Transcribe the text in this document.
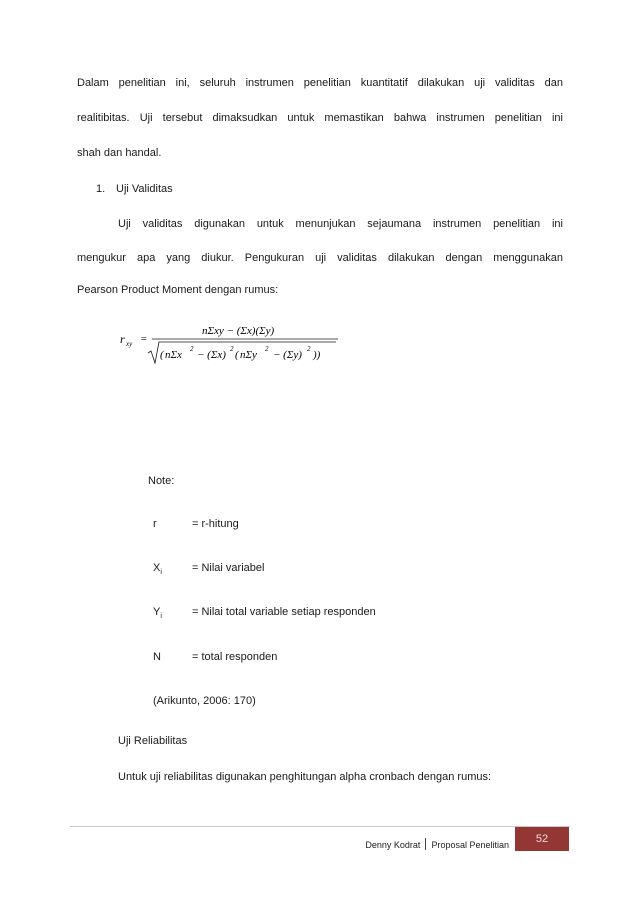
Dalam penelitian ini, seluruh instrumen penelitian kuantitatif dilakukan uji validitas dan
realitibitas. Uji tersebut dimaksudkan untuk memastikan bahwa instrumen penelitian ini
shah dan handal.
1. Uji Validitas
Uji validitas digunakan untuk menunjukan sejaumana instrumen penelitian ini
mengukur apa yang diukur. Pengukuran uji validitas dilakukan dengan menggunakan
Pearson Product Moment dengan rumus:
r xy =
nΣxy − (Σx)(Σy)
( nΣx 2 − (Σx) 2 ( nΣy 2 − (Σy) 2 ))
Note:
r	= r-hitung
$X_i$	= Nilai variabel
$Y_i$	= Nilai total variable setiap responden
N	= total responden
(Arikunto, 2006: 170)
Uji Reliabilitas
Untuk uji reliabilitas digunakan penghitungan alpha cronbach dengan rumus:
Denny Kodrat Proposal Penelitian	52
